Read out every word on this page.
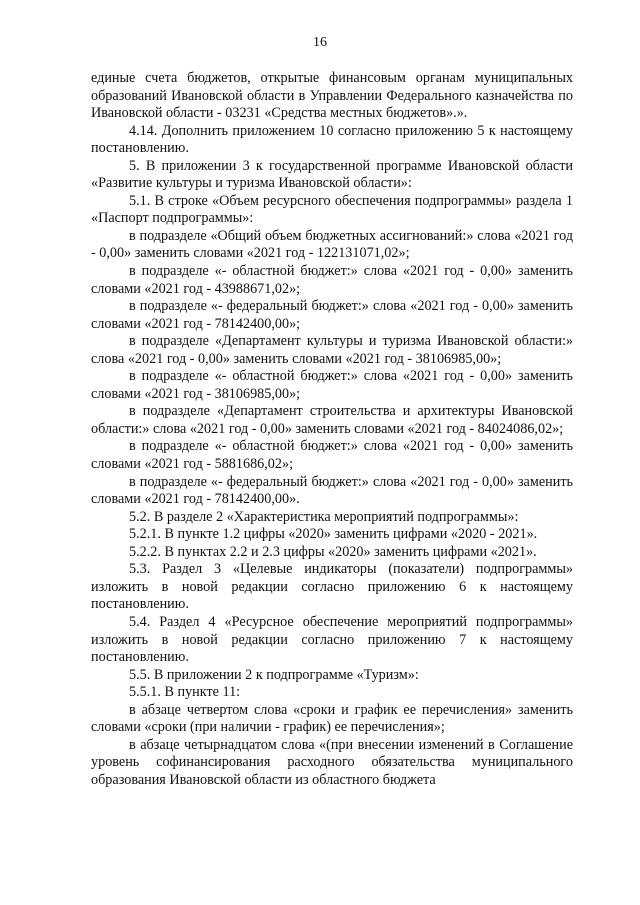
16

единые счета бюджетов, открытые финансовым органам муниципальных образований Ивановской области в Управлении Федерального казначейства по Ивановской области - 03231 «Средства местных бюджетов».».

4.14. Дополнить приложением 10 согласно приложению 5 к настоящему постановлению.

5. В приложении 3 к государственной программе Ивановской области «Развитие культуры и туризма Ивановской области»:

5.1. В строке «Объем ресурсного обеспечения подпрограммы» раздела 1 «Паспорт подпрограммы»:

в подразделе «Общий объем бюджетных ассигнований:» слова «2021 год - 0,00» заменить словами «2021 год - 122131071,02»;

в подразделе «- областной бюджет:» слова «2021 год - 0,00» заменить словами «2021 год - 43988671,02»;

в подразделе «- федеральный бюджет:» слова «2021 год - 0,00» заменить словами «2021 год - 78142400,00»;

в подразделе «Департамент культуры и туризма Ивановской области:» слова «2021 год - 0,00» заменить словами «2021 год - 38106985,00»;

в подразделе «- областной бюджет:» слова «2021 год - 0,00» заменить словами «2021 год - 38106985,00»;

в подразделе «Департамент строительства и архитектуры Ивановской области:» слова «2021 год - 0,00» заменить словами «2021 год - 84024086,02»;

в подразделе «- областной бюджет:» слова «2021 год - 0,00» заменить словами «2021 год - 5881686,02»;

в подразделе «- федеральный бюджет:» слова «2021 год - 0,00» заменить словами «2021 год - 78142400,00».

5.2. В разделе 2 «Характеристика мероприятий подпрограммы»:

5.2.1. В пункте 1.2 цифры «2020» заменить цифрами «2020 - 2021».

5.2.2. В пунктах 2.2 и 2.3 цифры «2020» заменить цифрами «2021».

5.3. Раздел 3 «Целевые индикаторы (показатели) подпрограммы» изложить в новой редакции согласно приложению 6 к настоящему постановлению.

5.4. Раздел 4 «Ресурсное обеспечение мероприятий подпрограммы» изложить в новой редакции согласно приложению 7 к настоящему постановлению.

5.5. В приложении 2 к подпрограмме «Туризм»:

5.5.1. В пункте 11:

в абзаце четвертом слова «сроки и график ее перечисления» заменить словами «сроки (при наличии - график) ее перечисления»;

в абзаце четырнадцатом слова «(при внесении изменений в Соглашение уровень софинансирования расходного обязательства муниципального образования Ивановской области из областного бюджета
